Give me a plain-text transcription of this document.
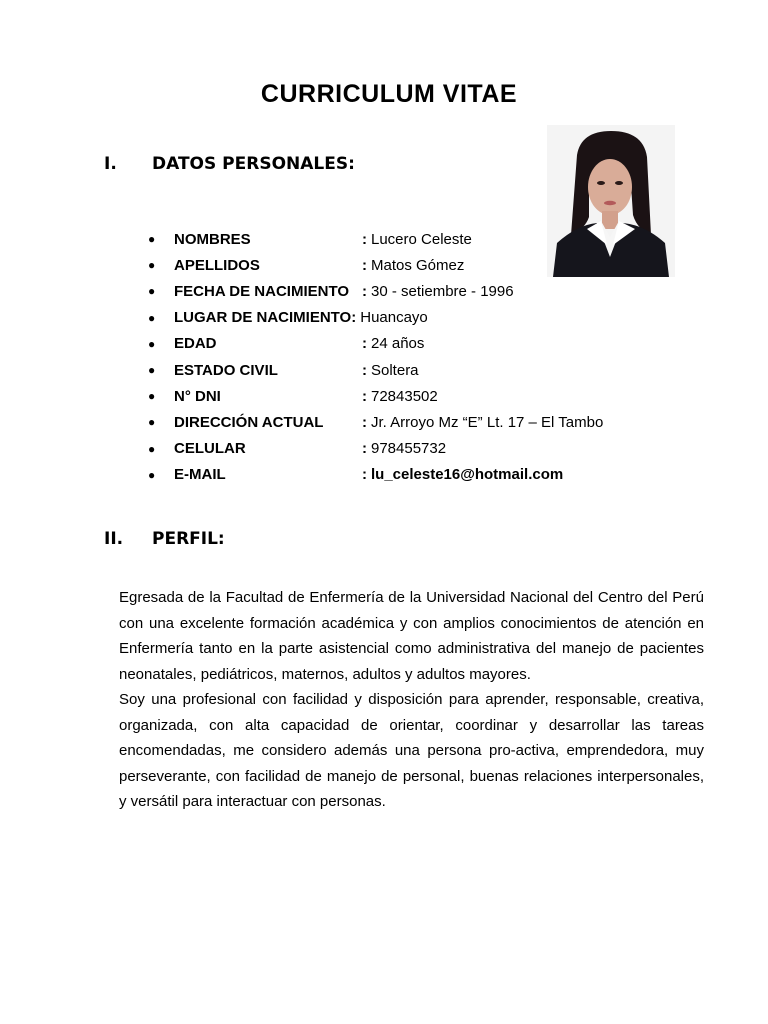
CURRICULUM VITAE
I.	DATOS PERSONALES:
●	NOMBRES	: Lucero Celeste
●	APELLIDOS	: Matos Gómez
●	FECHA DE NACIMIENTO : 30 - setiembre - 1996
●	LUGAR DE NACIMIENTO: Huancayo
●	EDAD	: 24 años
●	ESTADO CIVIL	: Soltera
●	N° DNI	: 72843502
●	DIRECCIÓN ACTUAL	: Jr. Arroyo Mz “E” Lt. 17 – El Tambo
●	CELULAR	: 978455732
●	E-MAIL	: lu_celeste16@hotmail.com
II.	PERFIL:

Egresada de la Facultad de Enfermería de la Universidad Nacional del Centro del Perú con una excelente formación académica y con amplios conocimientos de atención en Enfermería tanto en la parte asistencial como administrativa del manejo de pacientes neonatales, pediátricos, maternos, adultos y adultos mayores.

Soy una profesional con facilidad y disposición para aprender, responsable, creativa, organizada, con alta capacidad de orientar, coordinar y desarrollar las tareas encomendadas, me considero además una persona pro-activa, emprendedora, muy perseverante, con facilidad de manejo de personal, buenas relaciones interpersonales, y versátil para interactuar con personas.
